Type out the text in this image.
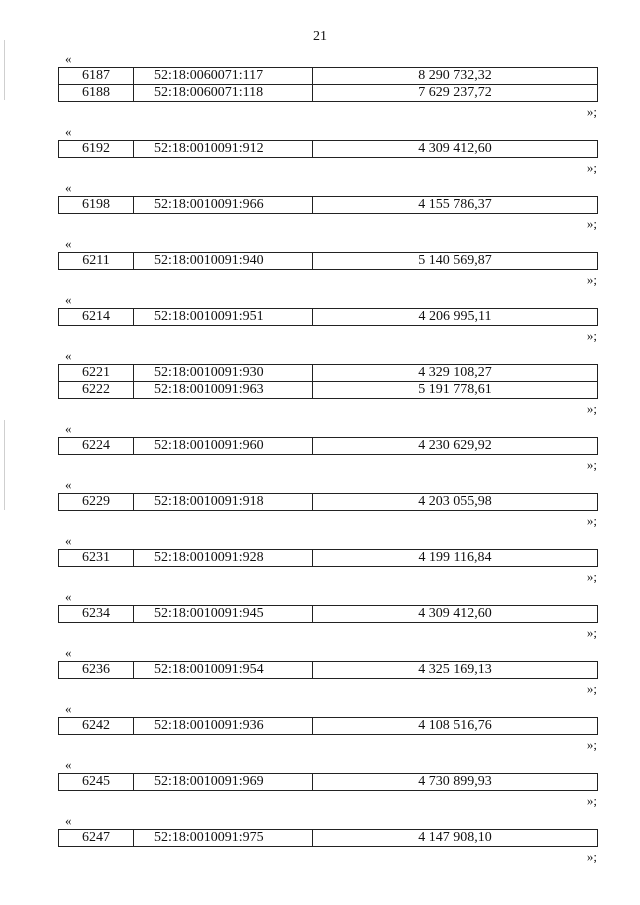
21
«
6187	52:18:0060071:117	8 290 732,32
6188	52:18:0060071:118	7 629 237,72
»;
«
6192	52:18:0010091:912	4 309 412,60
»;
«
6198	52:18:0010091:966	4 155 786,37
»;
«
6211	52:18:0010091:940	5 140 569,87
»;
«
6214	52:18:0010091:951	4 206 995,11
»;
«
6221	52:18:0010091:930	4 329 108,27
6222	52:18:0010091:963	5 191 778,61
»;
«
6224	52:18:0010091:960	4 230 629,92
»;
«
6229	52:18:0010091:918	4 203 055,98
»;
«
6231	52:18:0010091:928	4 199 116,84
»;
«
6234	52:18:0010091:945	4 309 412,60
»;
«
6236	52:18:0010091:954	4 325 169,13
»;
«
6242	52:18:0010091:936	4 108 516,76
»;
«
6245	52:18:0010091:969	4 730 899,93
»;
«
6247	52:18:0010091:975	4 147 908,10
»;
